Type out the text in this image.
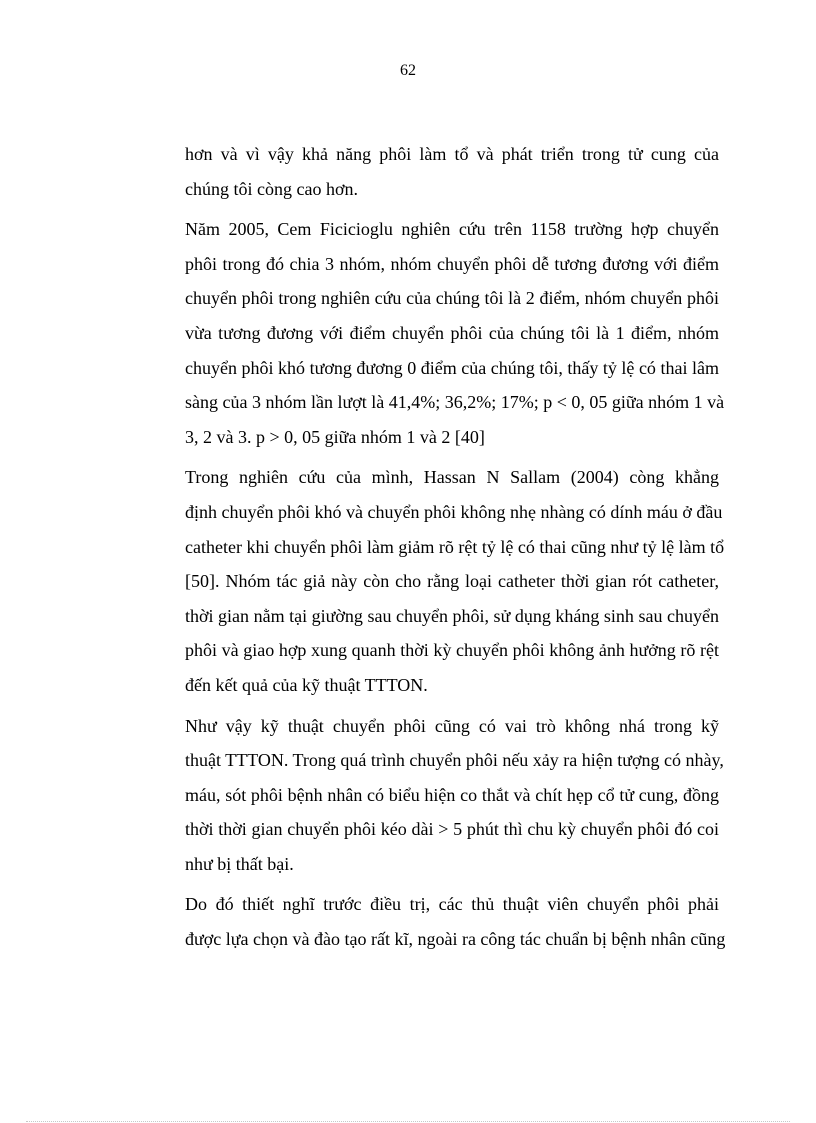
62

hơn và vì vậy khả năng phôi làm tổ và phát triển trong tử cung của
chúng tôi còng cao hơn.

Năm 2005, Cem Ficicioglu nghiên cứu trên 1158 trường hợp chuyển
phôi trong đó chia 3 nhóm, nhóm chuyển phôi dễ tương đương với điểm
chuyển phôi trong nghiên cứu của chúng tôi là 2 điểm, nhóm chuyển phôi
vừa tương đương với điểm chuyển phôi của chúng tôi là 1 điểm, nhóm
chuyển phôi khó tương đương 0 điểm của chúng tôi, thấy tỷ lệ có thai lâm
sàng của 3 nhóm lần lượt là 41,4%; 36,2%; 17%; p < 0, 05 giữa nhóm 1 và
3, 2 và 3. p > 0, 05 giữa nhóm 1 và 2 [40]

Trong nghiên cứu của mình, Hassan N Sallam (2004) còng khẳng
định chuyển phôi khó và chuyển phôi không nhẹ nhàng có dính máu ở đầu
catheter khi chuyển phôi làm giảm rõ rệt tỷ lệ có thai cũng như tỷ lệ làm tổ
[50]. Nhóm tác giả này còn cho rằng loại catheter thời gian rót catheter,
thời gian nằm tại giường sau chuyển phôi, sử dụng kháng sinh sau chuyển
phôi và giao hợp xung quanh thời kỳ chuyển phôi không ảnh hưởng rõ rệt
đến kết quả của kỹ thuật TTTON.

Như vậy kỹ thuật chuyển phôi cũng có vai trò không nhá trong kỹ
thuật TTTON. Trong quá trình chuyển phôi nếu xảy ra hiện tượng có nhày,
máu, sót phôi bệnh nhân có biểu hiện co thắt và chít hẹp cổ tử cung, đồng
thời thời gian chuyển phôi kéo dài > 5 phút thì chu kỳ chuyển phôi đó coi
như bị thất bại.

Do đó thiết nghĩ trước điều trị, các thủ thuật viên chuyển phôi phải
được lựa chọn và đào tạo rất kĩ, ngoài ra công tác chuẩn bị bệnh nhân cũng
